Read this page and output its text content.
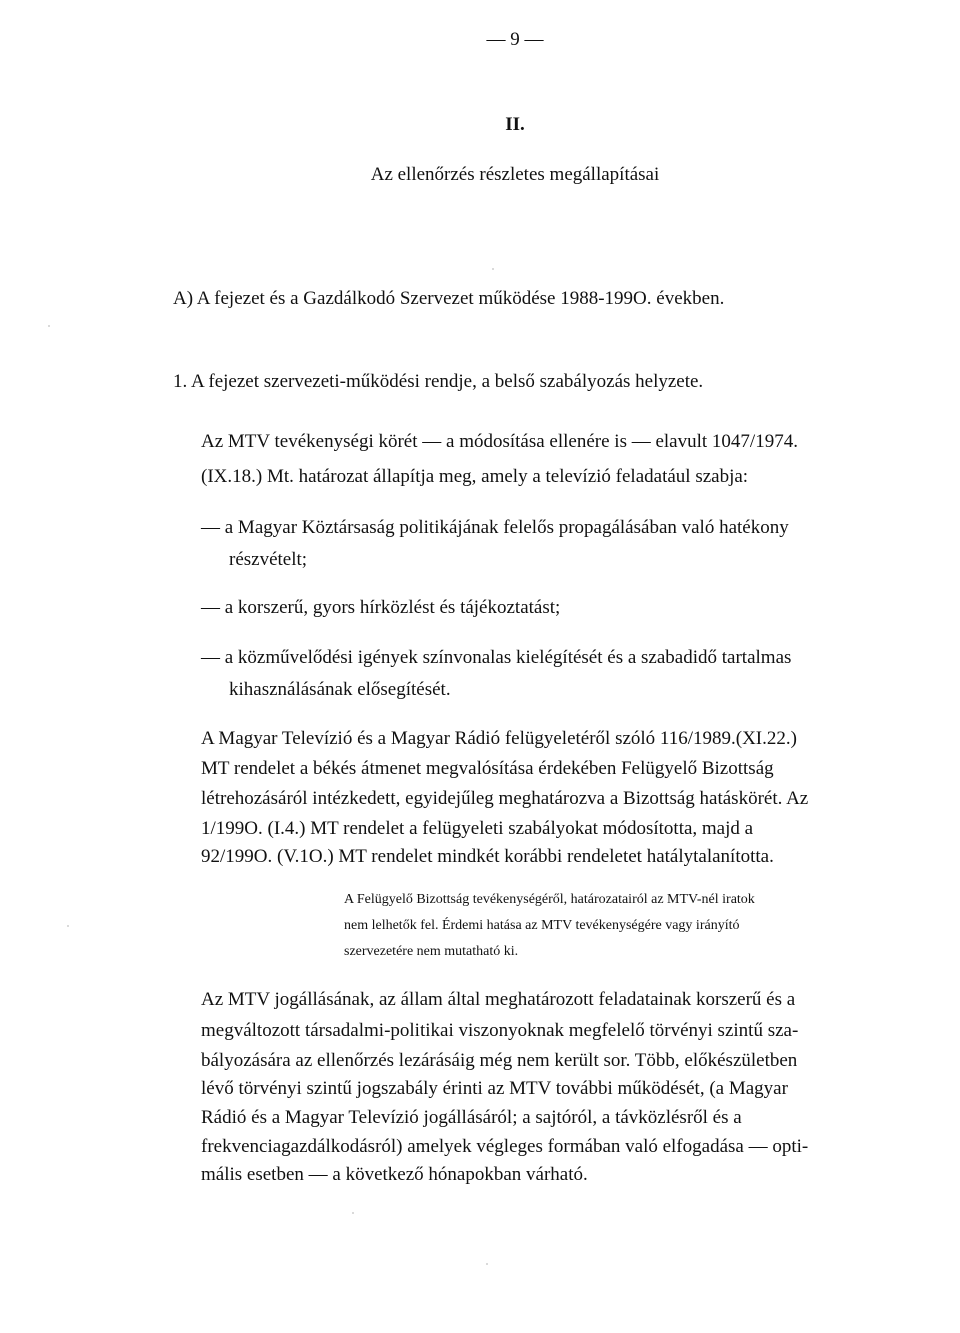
— 9 —
II.
Az ellenőrzés részletes megállapításai
A) A fejezet és a Gazdálkodó Szervezet működése 1988-199O. években.
1. A fejezet szervezeti-működési rendje, a belső szabályozás helyzete.
Az MTV tevékenységi körét — a módosítása ellenére is — elavult 1047/1974.
(IX.18.) Mt. határozat állapítja meg, amely a televízió feladatául szabja:
— a Magyar Köztársaság politikájának felelős propagálásában való hatékony
részvételt;
— a korszerű, gyors hírközlést és tájékoztatást;
— a közművelődési igények színvonalas kielégítését és a szabadidő tartalmas
kihasználásának elősegítését.
A Magyar Televízió és a Magyar Rádió felügyeletéről szóló 116/1989.(XI.22.)
MT rendelet a békés átmenet megvalósítása érdekében Felügyelő Bizottság
létrehozásáról intézkedett, egyidejűleg meghatározva a Bizottság hatáskörét. Az
1/199O. (I.4.) MT rendelet a felügyeleti szabályokat módosította, majd a
92/199O. (V.1O.) MT rendelet mindkét korábbi rendeletet hatálytalanította.
A Felügyelő Bizottság tevékenységéről, határozatairól az MTV-nél iratok
nem lelhetők fel. Érdemi hatása az MTV tevékenységére vagy irányító
szervezetére nem mutatható ki.
Az MTV jogállásának, az állam által meghatározott feladatainak korszerű és a
megváltozott társadalmi-politikai viszonyoknak megfelelő törvényi szintű sza-
bályozására az ellenőrzés lezárásáig még nem került sor. Több, előkészületben
lévő törvényi szintű jogszabály érinti az MTV további működését, (a Magyar
Rádió és a Magyar Televízió jogállásáról; a sajtóról, a távközlésről és a
frekvenciagazdálkodásról) amelyek végleges formában való elfogadása — opti-
mális esetben — a következő hónapokban várható.
